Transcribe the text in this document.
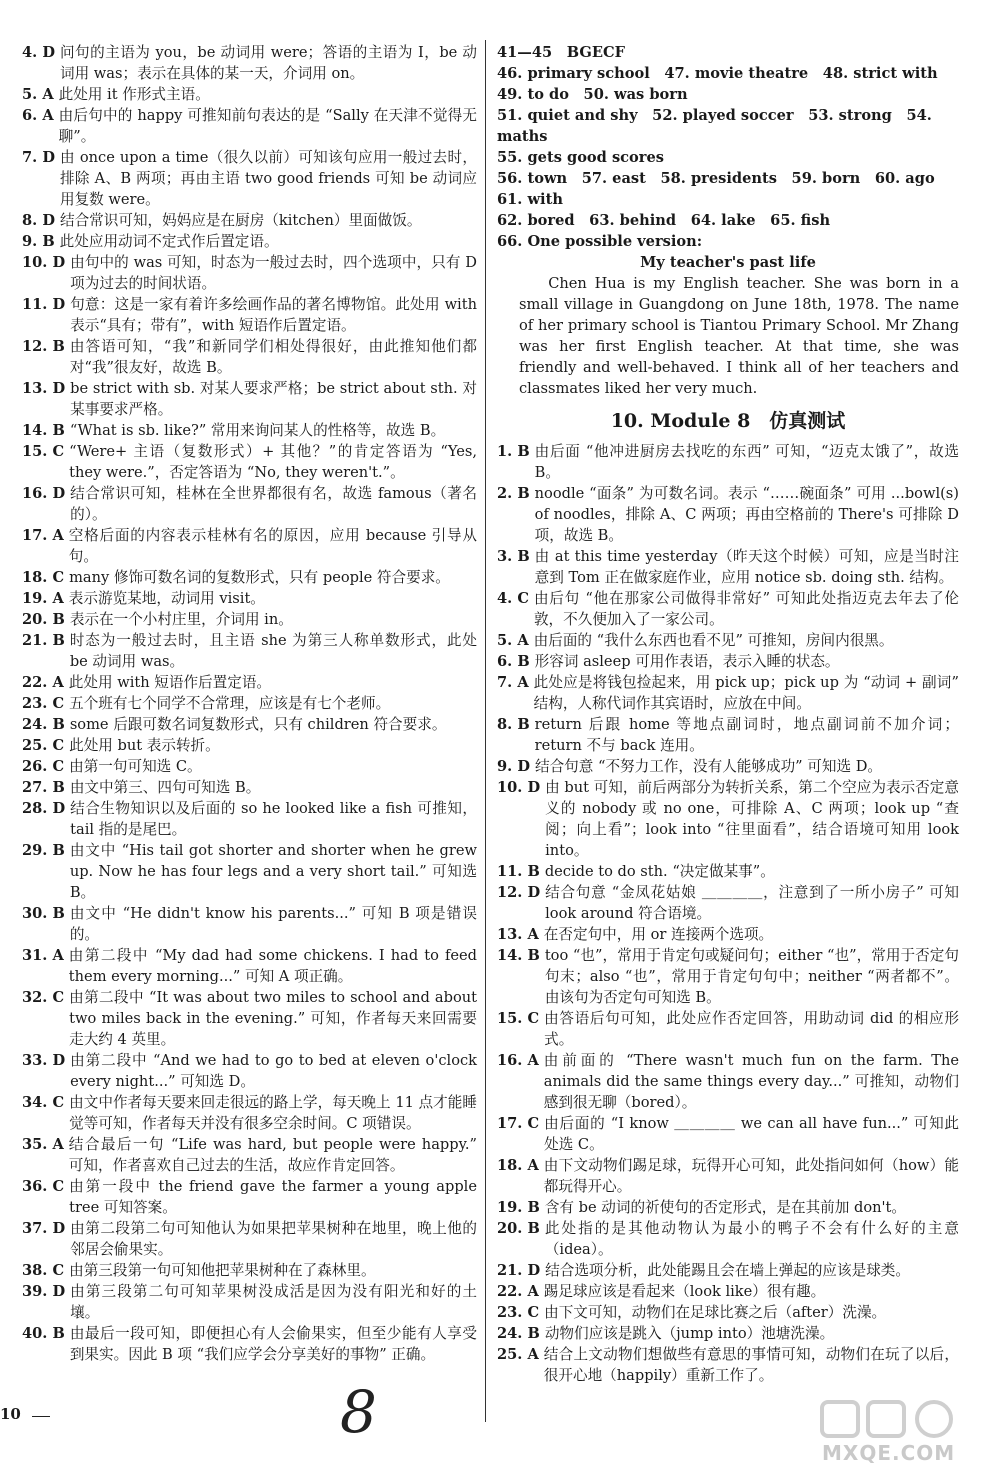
4. D 问句的主语为 you，be 动词用 were；答语的主语为 I，be 动词用 was；表示在具体的某一天，介词用 on。
5. A 此处用 it 作形式主语。
6. A 由后句中的 happy 可推知前句表达的是 “Sally 在天津不觉得无聊”。
7. D 由 once upon a time（很久以前）可知该句应用一般过去时，排除 A、B 两项；再由主语 two good friends 可知 be 动词应用复数 were。
8. D 结合常识可知，妈妈应是在厨房（kitchen）里面做饭。
9. B 此处应用动词不定式作后置定语。
10. D 由句中的 was 可知，时态为一般过去时，四个选项中，只有 D 项为过去的时间状语。
11. D 句意：这是一家有着许多绘画作品的著名博物馆。此处用 with 表示“具有；带有”，with 短语作后置定语。
12. B 由答语可知，“我”和新同学们相处得很好，由此推知他们都对“我”很友好，故选 B。
13. D be strict with sb. 对某人要求严格；be strict about sth. 对某事要求严格。
14. B “What is sb. like?” 常用来询问某人的性格等，故选 B。
15. C “Were+ 主语（复数形式）+ 其他？”的肯定答语为 “Yes, they were.”，否定答语为 “No, they weren't.”。
16. D 结合常识可知，桂林在全世界都很有名，故选 famous（著名的）。
17. A 空格后面的内容表示桂林有名的原因，应用 because 引导从句。
18. C many 修饰可数名词的复数形式，只有 people 符合要求。
19. A 表示游览某地，动词用 visit。
20. B 表示在一个小村庄里，介词用 in。
21. B 时态为一般过去时，且主语 she 为第三人称单数形式，此处 be 动词用 was。
22. A 此处用 with 短语作后置定语。
23. C 五个班有七个同学不合常理，应该是有七个老师。
24. B some 后跟可数名词复数形式，只有 children 符合要求。
25. C 此处用 but 表示转折。
26. C 由第一句可知选 C。
27. B 由文中第三、四句可知选 B。
28. D 结合生物知识以及后面的 so he looked like a fish 可推知，tail 指的是尾巴。
29. B 由文中 “His tail got shorter and shorter when he grew up. Now he has four legs and a very short tail.” 可知选 B。
30. B 由文中 “He didn't know his parents...” 可知 B 项是错误的。
31. A 由第二段中 “My dad had some chickens. I had to feed them every morning...” 可知 A 项正确。
32. C 由第二段中 “It was about two miles to school and about two miles back in the evening.” 可知，作者每天来回需要走大约 4 英里。
33. D 由第二段中 “And we had to go to bed at eleven o'clock every night...” 可知选 D。
34. C 由文中作者每天要来回走很远的路上学，每天晚上 11 点才能睡觉等可知，作者每天并没有很多空余时间。C 项错误。
35. A 结合最后一句 “Life was hard, but people were happy.” 可知，作者喜欢自己过去的生活，故应作肯定回答。
36. C 由第一段中 the friend gave the farmer a young apple tree 可知答案。
37. D 由第二段第二句可知他认为如果把苹果树种在地里，晚上他的邻居会偷果实。
38. C 由第三段第一句可知他把苹果树种在了森林里。
39. D 由第三段第二句可知苹果树没成活是因为没有阳光和好的土壤。
40. B 由最后一段可知，即便担心有人会偷果实，但至少能有人享受到果实。因此 B 项 “我们应学会分享美好的事物” 正确。

41—45　BGECF

46. primary school　47. movie theatre　48. strict with

49. to do　50. was born

51. quiet and shy　52. played soccer　53. strong　54. maths

55. gets good scores

56. town　57. east　58. presidents　59. born　60. ago　61. with

62. bored　63. behind　64. lake　65. fish

66. One possible version:

My teacher's past life

Chen Hua is my English teacher. She was born in a small village in Guangdong on June 18th, 1978. The name of her primary school is Tiantou Primary School. Mr Zhang was her first English teacher. At that time, she was friendly and well-behaved. I think all of her teachers and classmates liked her very much.

10. Module 8　仿真测试
1. B 由后面 “他冲进厨房去找吃的东西” 可知，“迈克太饿了”，故选 B。
2. B noodle “面条” 为可数名词。表示 “……碗面条” 可用 ...bowl(s) of noodles，排除 A、C 两项；再由空格前的 There's 可排除 D 项，故选 B。
3. B 由 at this time yesterday（昨天这个时候）可知，应是当时注意到 Tom 正在做家庭作业，应用 notice sb. doing sth. 结构。
4. C 由后句 “他在那家公司做得非常好” 可知此处指迈克去年去了伦敦，不久便加入了一家公司。
5. A 由后面的 “我什么东西也看不见” 可推知，房间内很黑。
6. B 形容词 asleep 可用作表语，表示入睡的状态。
7. A 此处应是将钱包捡起来，用 pick up；pick up 为 “动词 + 副词” 结构，人称代词作其宾语时，应放在中间。
8. B return 后跟 home 等地点副词时，地点副词前不加介词；return 不与 back 连用。
9. D 结合句意 “不努力工作，没有人能够成功” 可知选 D。
10. D 由 but 可知，前后两部分为转折关系，第二个空应为表示否定意义的 nobody 或 no one，可排除 A、C 两项；look up “查阅；向上看”；look into “往里面看”，结合语境可知用 look into。
11. B decide to do sth. “决定做某事”。
12. D 结合句意 “金凤花姑娘 ＿＿＿＿，注意到了一所小房子” 可知 look around 符合语境。
13. A 在否定句中，用 or 连接两个选项。
14. B too “也”，常用于肯定句或疑问句；either “也”，常用于否定句句末；also “也”，常用于肯定句句中；neither “两者都不”。由该句为否定句可知选 B。
15. C 由答语后句可知，此处应作否定回答，用助动词 did 的相应形式。
16. A 由前面的 “There wasn't much fun on the farm. The animals did the same things every day...” 可推知，动物们感到很无聊（bored）。
17. C 由后面的 “I know ＿＿＿＿ we can all have fun...” 可知此处选 C。
18. A 由下文动物们踢足球，玩得开心可知，此处指问如何（how）能都玩得开心。
19. B 含有 be 动词的祈使句的否定形式，是在其前加 don't。
20. B 此处指的是其他动物认为最小的鸭子不会有什么好的主意（idea）。
21. D 结合选项分析，此处能踢且会在墙上弹起的应该是球类。
22. A 踢足球应该是看起来（look like）很有趣。
23. C 由下文可知，动物们在足球比赛之后（after）洗澡。
24. B 动物们应该是跳入（jump into）池塘洗澡。
25. A 结合上文动物们想做些有意思的事情可知，动物们在玩了以后，很开心地（happily）重新工作了。
10	8
MXQE.COM
